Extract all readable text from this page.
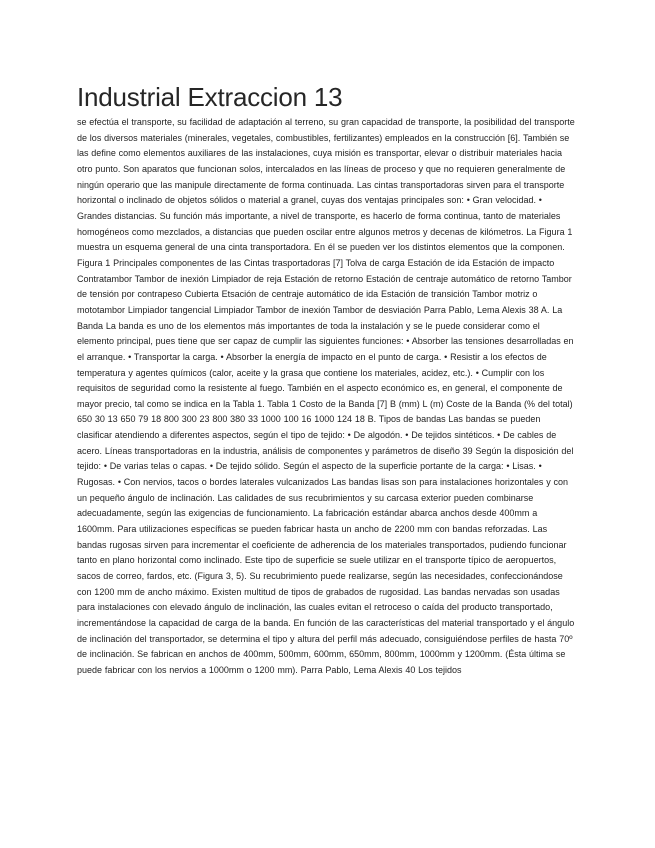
Industrial Extraccion 13

se efectúa el transporte, su facilidad de adaptación al terreno, su gran capacidad de transporte, la posibilidad del transporte de los diversos materiales (minerales, vegetales, combustibles, fertilizantes) empleados en la construcción [6]. También se las define como elementos auxiliares de las instalaciones, cuya misión es transportar, elevar o distribuir materiales hacia otro punto. Son aparatos que funcionan solos, intercalados en las líneas de proceso y que no requieren generalmente de ningún operario que las manipule directamente de forma continuada. Las cintas transportadoras sirven para el transporte horizontal o inclinado de objetos sólidos o material a granel, cuyas dos ventajas principales son: • Gran velocidad. • Grandes distancias. Su función más importante, a nivel de transporte, es hacerlo de forma continua, tanto de materiales homogéneos como mezclados, a distancias que pueden oscilar entre algunos metros y decenas de kilómetros. La Figura 1 muestra un esquema general de una cinta transportadora. En él se pueden ver los distintos elementos que la componen. Figura 1 Principales componentes de las Cintas trasportadoras [7] Tolva de carga Estación de ida Estación de impacto Contratambor Tambor de inexión Limpiador de reja Estación de retorno Estación de centraje automático de retorno Tambor de tensión por contrapeso Cubierta Etsación de centraje automático de ida Estación de transición Tambor motriz o mototambor Limpiador tangencial Limpiador Tambor de inexión Tambor de desviación Parra Pablo, Lema Alexis 38 A. La Banda La banda es uno de los elementos más importantes de toda la instalación y se le puede considerar como el elemento principal, pues tiene que ser capaz de cumplir las siguientes funciones: • Absorber las tensiones desarrolladas en el arranque. • Transportar la carga. • Absorber la energía de impacto en el punto de carga. • Resistir a los efectos de temperatura y agentes químicos (calor, aceite y la grasa que contiene los materiales, acidez, etc.). • Cumplir con los requisitos de seguridad como la resistente al fuego. También en el aspecto económico es, en general, el componente de mayor precio, tal como se indica en la Tabla 1. Tabla 1 Costo de la Banda [7] B (mm) L (m) Coste de la Banda (% del total) 650 30 13 650 79 18 800 300 23 800 380 33 1000 100 16 1000 124 18 B. Tipos de bandas Las bandas se pueden clasificar atendiendo a diferentes aspectos, según el tipo de tejido: • De algodón. • De tejidos sintéticos. • De cables de acero. Líneas transportadoras en la industria, análisis de componentes y parámetros de diseño 39 Según la disposición del tejido: • De varias telas o capas. • De tejido sólido. Según el aspecto de la superficie portante de la carga: • Lisas. • Rugosas. • Con nervios, tacos o bordes laterales vulcanizados Las bandas lisas son para instalaciones horizontales y con un pequeño ángulo de inclinación. Las calidades de sus recubrimientos y su carcasa exterior pueden combinarse adecuadamente, según las exigencias de funcionamiento. La fabricación estándar abarca anchos desde 400mm a 1600mm. Para utilizaciones específicas se pueden fabricar hasta un ancho de 2200 mm con bandas reforzadas. Las bandas rugosas sirven para incrementar el coeficiente de adherencia de los materiales transportados, pudiendo funcionar tanto en plano horizontal como inclinado. Este tipo de superficie se suele utilizar en el transporte típico de aeropuertos, sacos de correo, fardos, etc. (Figura 3, 5). Su recubrimiento puede realizarse, según las necesidades, confeccionándose con 1200 mm de ancho máximo. Existen multitud de tipos de grabados de rugosidad. Las bandas nervadas son usadas para instalaciones con elevado ángulo de inclinación, las cuales evitan el retroceso o caída del producto transportado, incrementándose la capacidad de carga de la banda. En función de las características del material transportado y el ángulo de inclinación del transportador, se determina el tipo y altura del perfil más adecuado, consiguiéndose perfiles de hasta 70º de inclinación. Se fabrican en anchos de 400mm, 500mm, 600mm, 650mm, 800mm, 1000mm y 1200mm. (Ésta última se puede fabricar con los nervios a 1000mm o 1200 mm). Parra Pablo, Lema Alexis 40 Los tejidos
